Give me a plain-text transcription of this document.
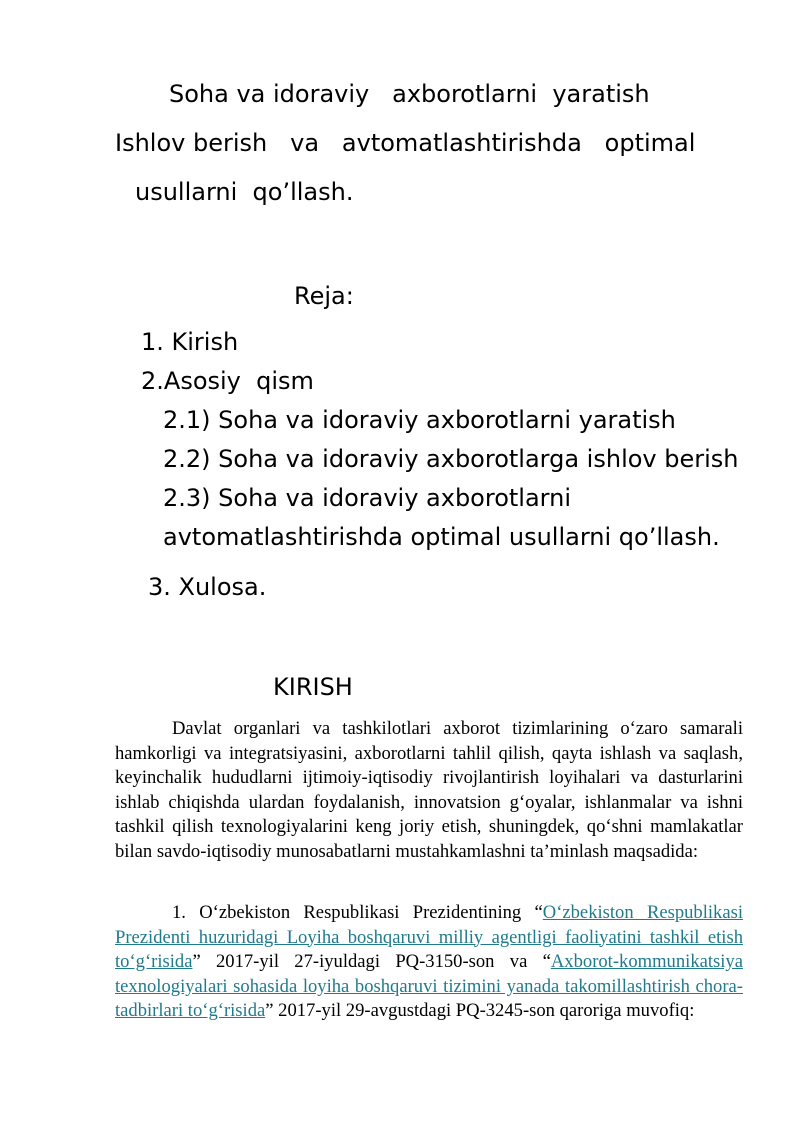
Soha va idoraviy   axborotlarni  yaratish

Ishlov berish   va   avtomatlashtirishda   optimal

usullarni  qo’llash.

Reja:

1. Kirish

2.Asosiy  qism

2.1) Soha va idoraviy axborotlarni yaratish

2.2) Soha va idoraviy axborotlarga ishlov berish

2.3) Soha va idoraviy axborotlarni

avtomatlashtirishda optimal usullarni qo’llash.

3. Xulosa.

KIRISH

Davlat organlari va tashkilotlari axborot tizimlarining o‘zaro samarali hamkorligi va integratsiyasini, axborotlarni tahlil qilish, qayta ishlash va saqlash, keyinchalik hududlarni ijtimoiy-iqtisodiy rivojlantirish loyihalari va dasturlarini ishlab chiqishda ulardan foydalanish, innovatsion g‘oyalar, ishlanmalar va ishni tashkil qilish texnologiyalarini keng joriy etish, shuningdek, qo‘shni mamlakatlar bilan savdo-iqtisodiy munosabatlarni mustahkamlashni ta’minlash maqsadida:

1. O‘zbekiston Respublikasi Prezidentining “O‘zbekiston Respublikasi Prezidenti huzuridagi Loyiha boshqaruvi milliy agentligi faoliyatini tashkil etish to‘g‘risida” 2017-yil 27-iyuldagi PQ-3150-son va “Axborot-kommunikatsiya texnologiyalari sohasida loyiha boshqaruvi tizimini yanada takomillashtirish chora-tadbirlari to‘g‘risida” 2017-yil 29-avgustdagi PQ-3245-son qaroriga muvofiq:
